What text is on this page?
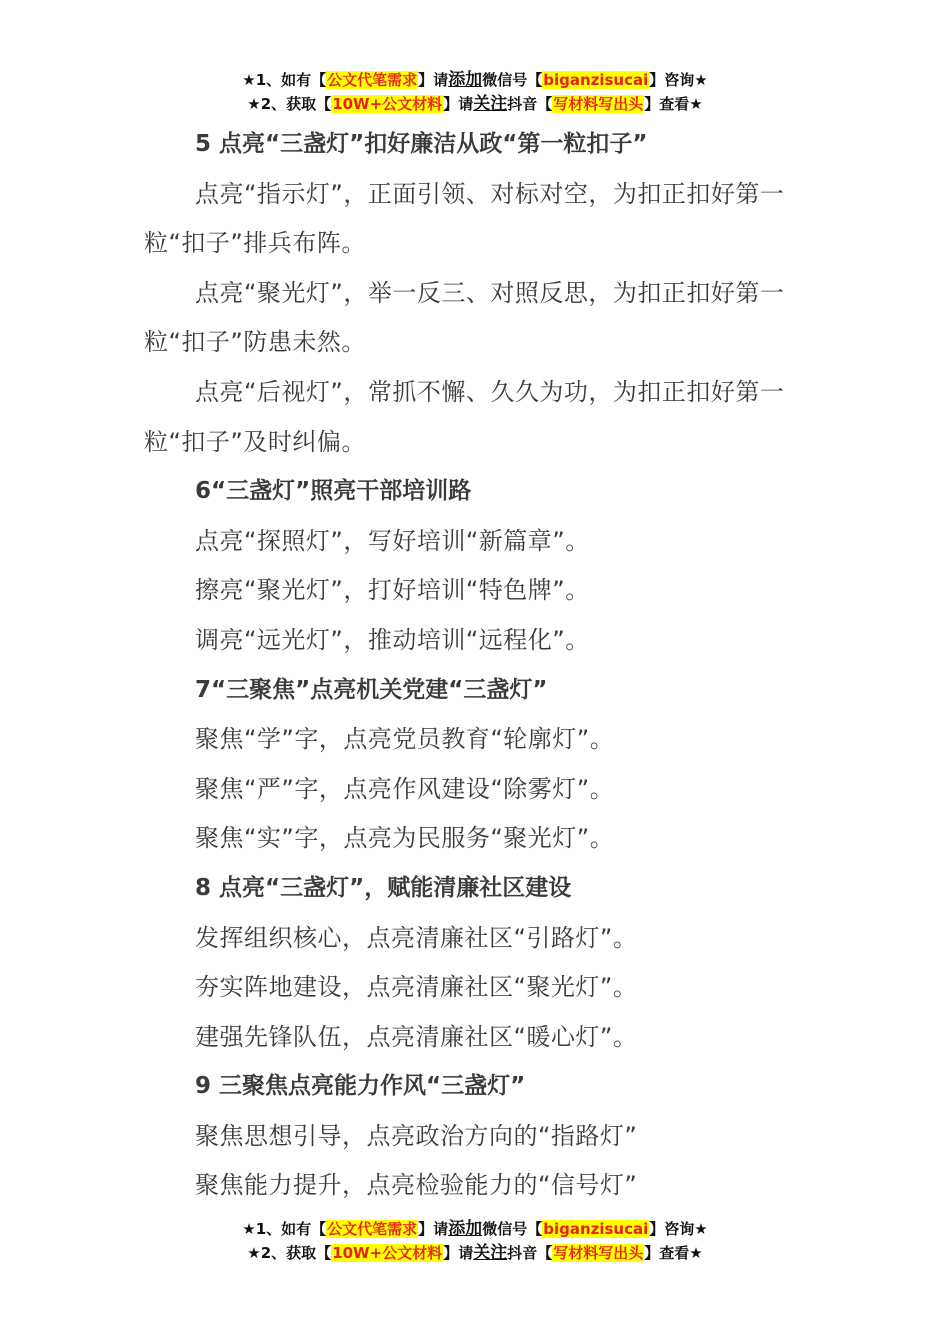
★1、如有【公文代笔需求】请添加微信号【biganzisucai】咨询★
★2、获取【10W+公文材料】请关注抖音【写材料写出头】查看★

5 点亮“三盏灯”扣好廉洁从政“第一粒扣子”

点亮“指示灯”，正面引领、对标对空，为扣正扣好第一粒“扣子”排兵布阵。

点亮“聚光灯”，举一反三、对照反思，为扣正扣好第一粒“扣子”防患未然。

点亮“后视灯”，常抓不懈、久久为功，为扣正扣好第一粒“扣子”及时纠偏。

6“三盏灯”照亮干部培训路

点亮“探照灯”，写好培训“新篇章”。

擦亮“聚光灯”，打好培训“特色牌”。

调亮“远光灯”，推动培训“远程化”。

7“三聚焦”点亮机关党建“三盏灯”

聚焦“学”字，点亮党员教育“轮廓灯”。

聚焦“严”字，点亮作风建设“除雾灯”。

聚焦“实”字，点亮为民服务“聚光灯”。

8 点亮“三盏灯”，赋能清廉社区建设

发挥组织核心，点亮清廉社区“引路灯”。

夯实阵地建设，点亮清廉社区“聚光灯”。

建强先锋队伍，点亮清廉社区“暖心灯”。

9 三聚焦点亮能力作风“三盏灯”

聚焦思想引导，点亮政治方向的“指路灯”

聚焦能力提升，点亮检验能力的“信号灯”

★1、如有【公文代笔需求】请添加微信号【biganzisucai】咨询★
★2、获取【10W+公文材料】请关注抖音【写材料写出头】查看★
